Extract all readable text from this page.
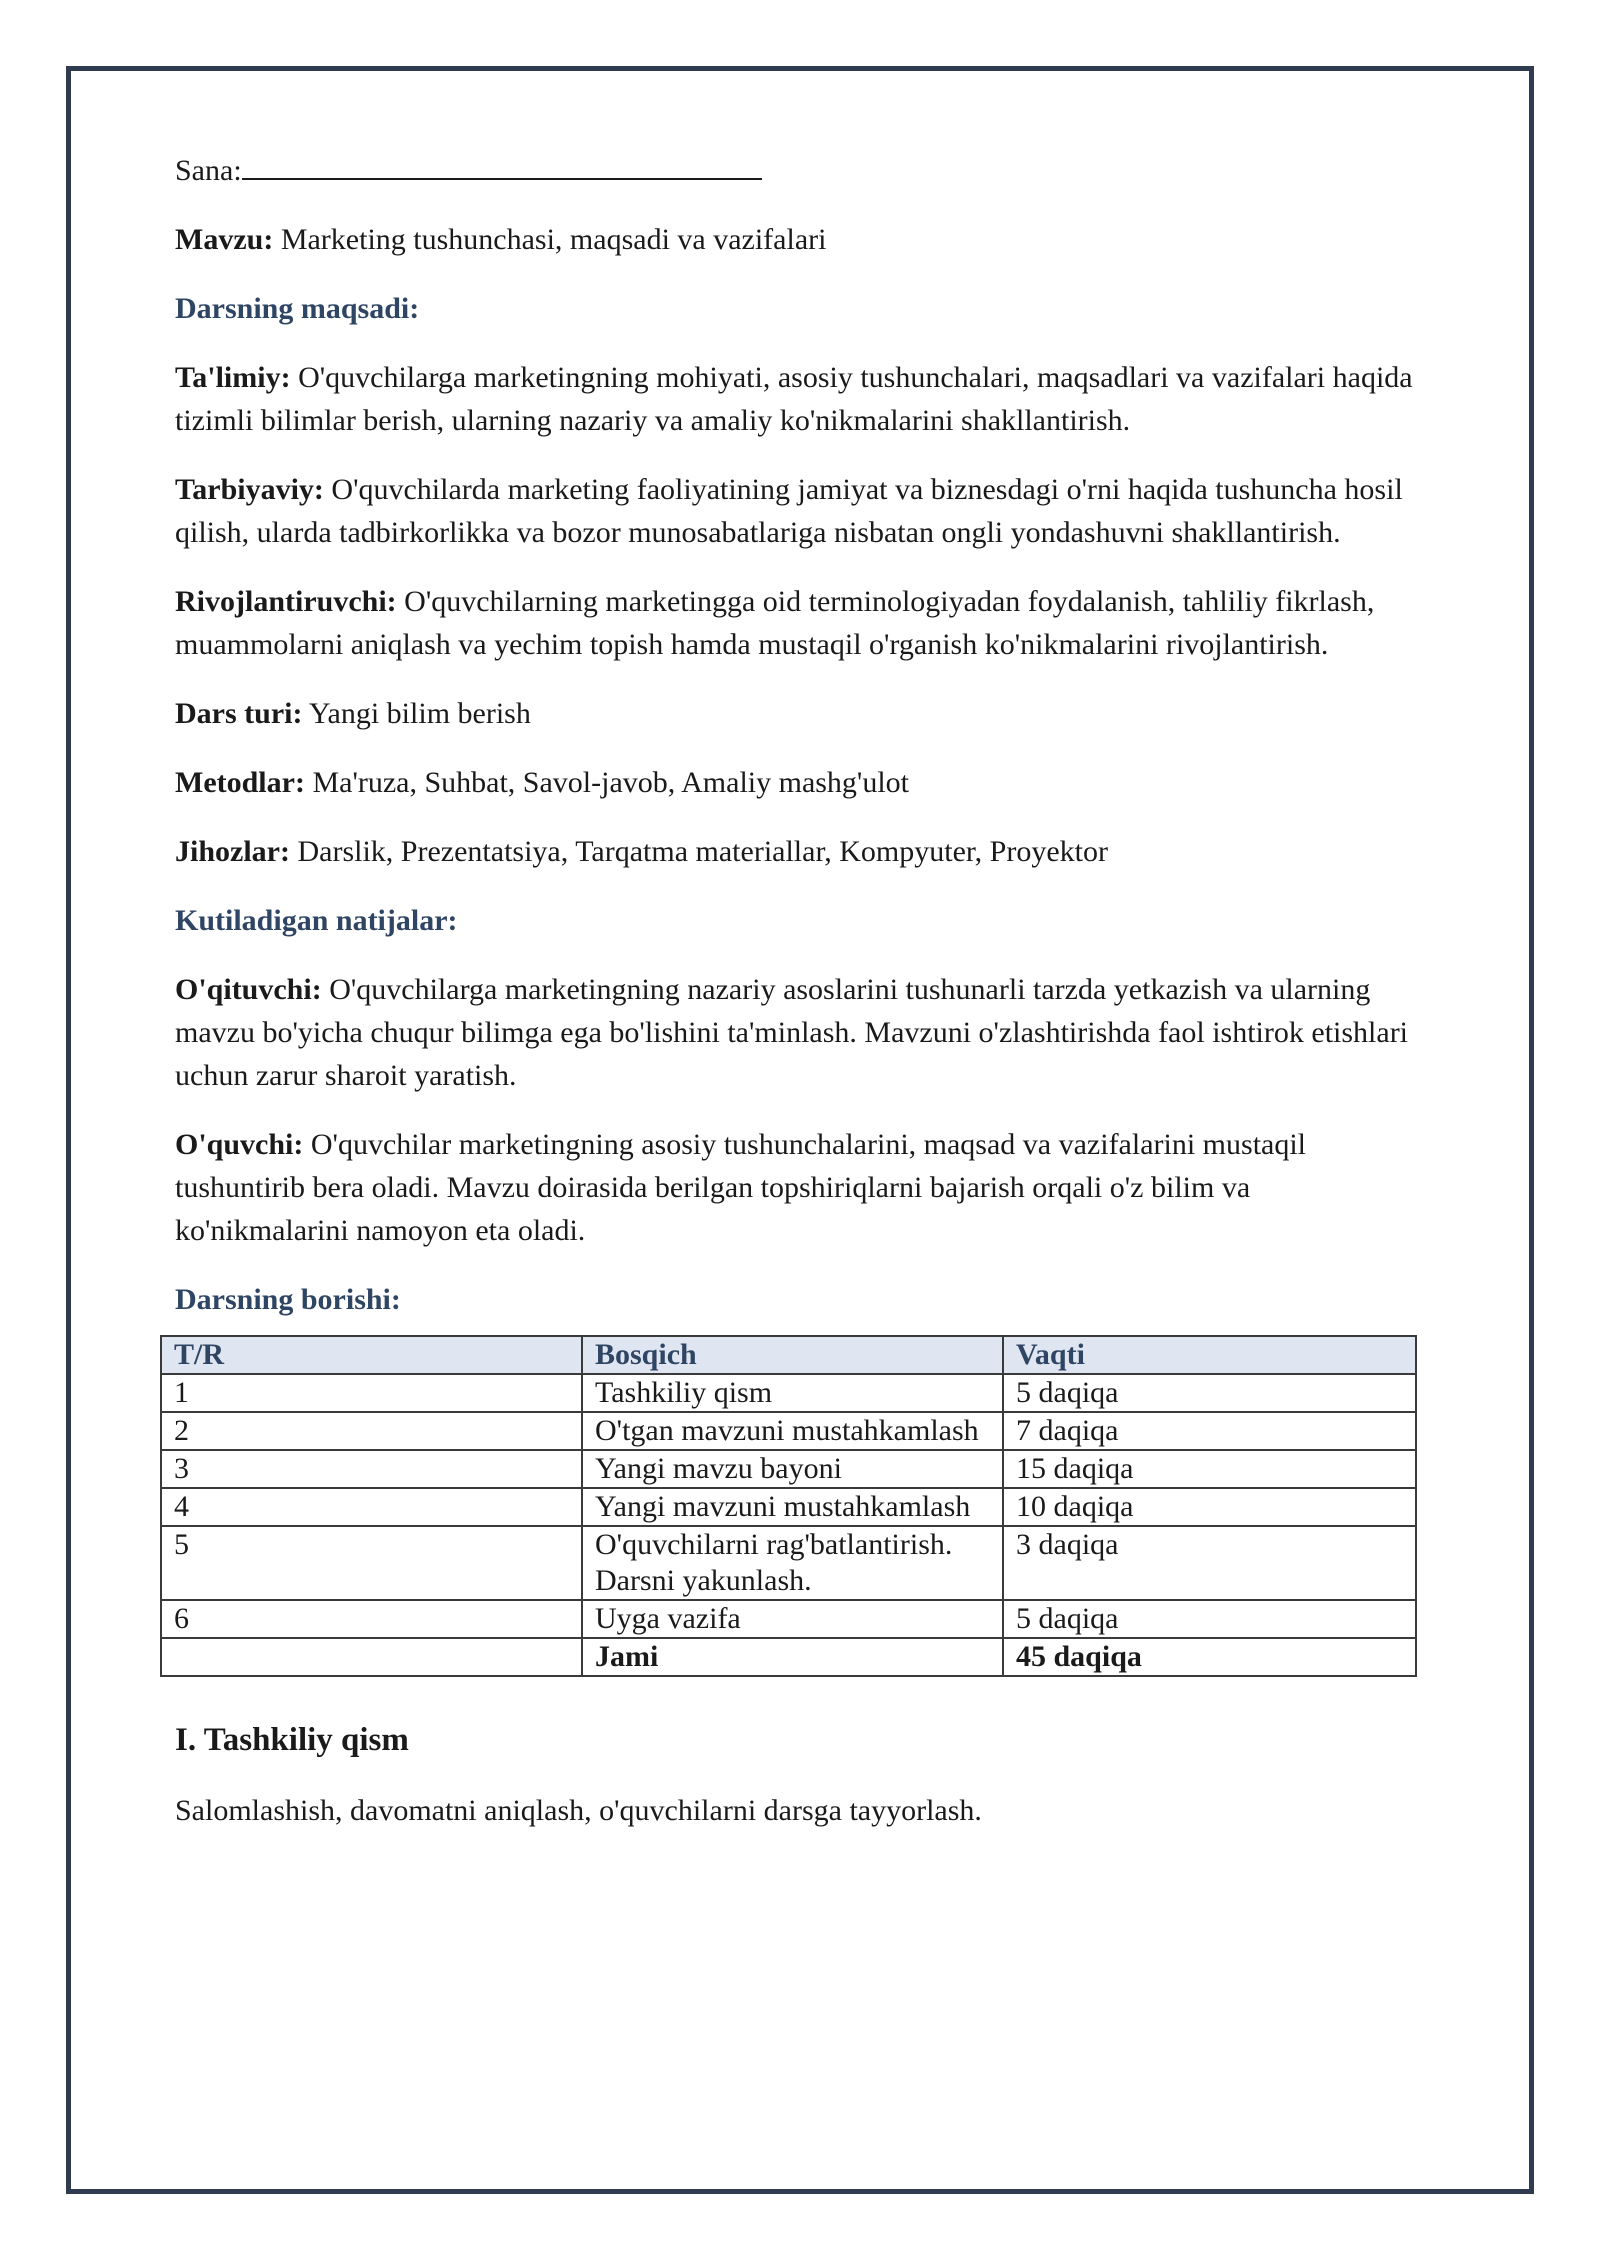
Sana:

Mavzu: Marketing tushunchasi, maqsadi va vazifalari

Darsning maqsadi:

Ta'limiy: O'quvchilarga marketingning mohiyati, asosiy tushunchalari, maqsadlari va vazifalari haqida tizimli bilimlar berish, ularning nazariy va amaliy ko'nikmalarini shakllantirish.

Tarbiyaviy: O'quvchilarda marketing faoliyatining jamiyat va biznesdagi o'rni haqida tushuncha hosil qilish, ularda tadbirkorlikka va bozor munosabatlariga nisbatan ongli yondashuvni shakllantirish.

Rivojlantiruvchi: O'quvchilarning marketingga oid terminologiyadan foydalanish, tahliliy fikrlash, muammolarni aniqlash va yechim topish hamda mustaqil o'rganish ko'nikmalarini rivojlantirish.

Dars turi: Yangi bilim berish

Metodlar: Ma'ruza, Suhbat, Savol-javob, Amaliy mashg'ulot

Jihozlar: Darslik, Prezentatsiya, Tarqatma materiallar, Kompyuter, Proyektor

Kutiladigan natijalar:

O'qituvchi: O'quvchilarga marketingning nazariy asoslarini tushunarli tarzda yetkazish va ularning mavzu bo'yicha chuqur bilimga ega bo'lishini ta'minlash. Mavzuni o'zlashtirishda faol ishtirok etishlari uchun zarur sharoit yaratish.

O'quvchi: O'quvchilar marketingning asosiy tushunchalarini, maqsad va vazifalarini mustaqil tushuntirib bera oladi. Mavzu doirasida berilgan topshiriqlarni bajarish orqali o'z bilim va ko'nikmalarini namoyon eta oladi.

Darsning borishi:

T/R	Bosqich	Vaqti
1	Tashkiliy qism	5 daqiqa
2	O'tgan mavzuni mustahkamlash	7 daqiqa
3	Yangi mavzu bayoni	15 daqiqa
4	Yangi mavzuni mustahkamlash	10 daqiqa
5	O'quvchilarni rag'batlantirish. Darsni yakunlash.	3 daqiqa
6	Uyga vazifa	5 daqiqa
	Jami	45 daqiqa

I. Tashkiliy qism

Salomlashish, davomatni aniqlash, o'quvchilarni darsga tayyorlash.
